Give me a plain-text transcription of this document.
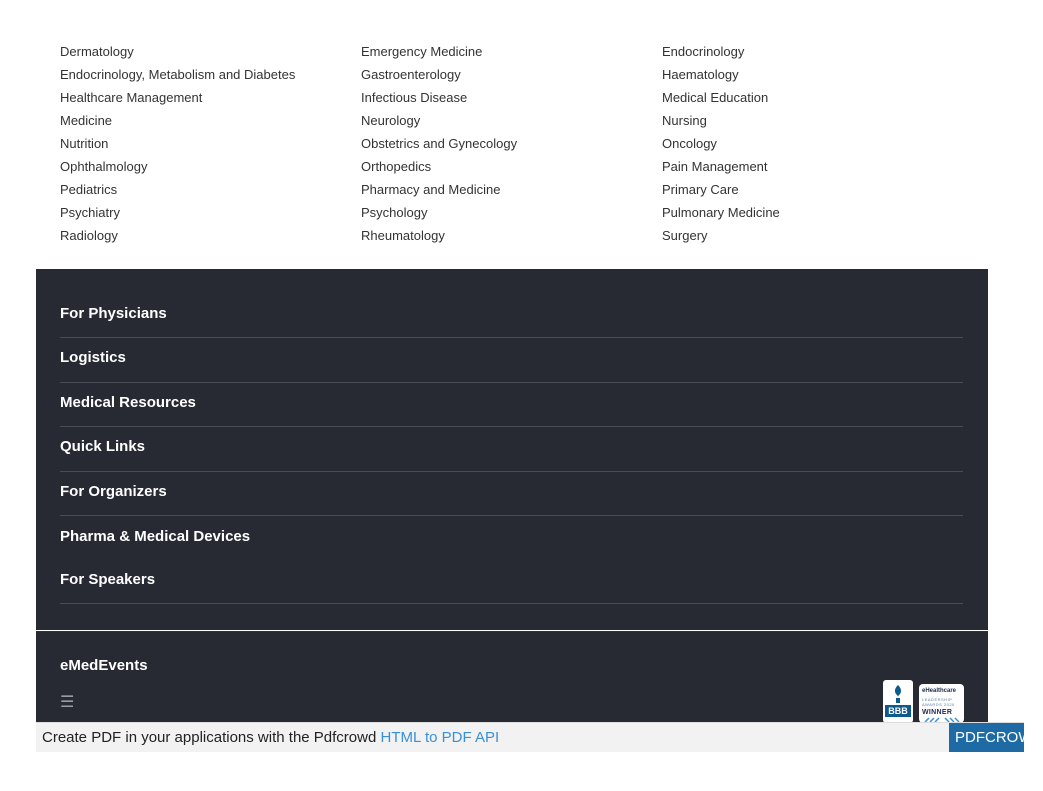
Dermatology	Emergency Medicine	Endocrinology
Endocrinology, Metabolism and Diabetes	Gastroenterology	Haematology
Healthcare Management	Infectious Disease	Medical Education
Medicine	Neurology	Nursing
Nutrition	Obstetrics and Gynecology	Oncology
Ophthalmology	Orthopedics	Pain Management
Pediatrics	Pharmacy and Medicine	Primary Care
Psychiatry	Psychology	Pulmonary Medicine
Radiology	Rheumatology	Surgery
For Physicians
Logistics
Medical Resources
Quick Links
For Organizers
Pharma & Medical Devices
For Speakers
eMedEvents
☰	BBB
eHealthcare
LEADERSHIP
AWARDS 2020
WINNER
Create PDF in your applications with the Pdfcrowd HTML to PDF API	PDFCROWD
